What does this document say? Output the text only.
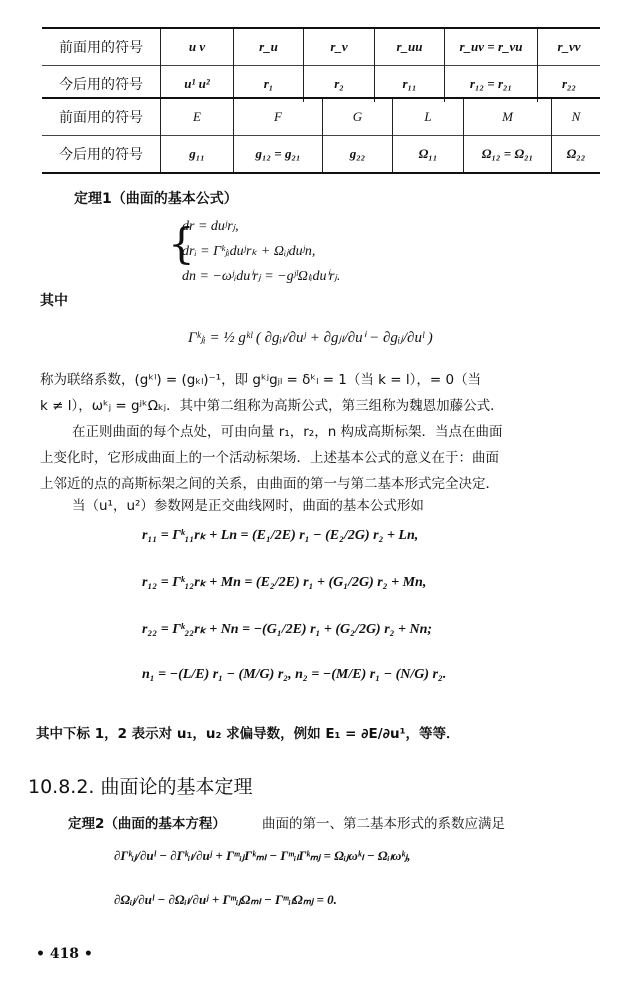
前面用的符号	u v	r_u	r_v	r_uu	r_uv = r_vu	r_vv
今后用的符号	u¹ u²	r₁	r₂	r₁₁	r₁₂ = r₂₁	r₂₂
前面用的符号	E	F	G	L	M	N
今后用的符号	g₁₁	g₁₂ = g₂₁	g₂₂	Ω₁₁	Ω₁₂ = Ω₂₁	Ω₂₂
定理1（曲面的基本公式）
{
dr = duʲrⱼ,
drᵢ = Γᵏⱼᵢduʲrₖ + Ωᵢⱼduʲn,
dn = −ωʲᵢduⁱrⱼ = −gʲˡΩₗᵢduⁱrⱼ.
其中
Γᵏⱼᵢ = ½ gᵏˡ ( ∂gᵢₗ/∂uʲ + ∂gⱼₗ/∂uⁱ − ∂gᵢⱼ/∂uˡ )
称为联络系数，(gᵏˡ) = (gₖₗ)⁻¹，即 gᵏʲgⱼₗ = δᵏₗ = 1（当 k = l），= 0（当
k ≠ l），ωᵏⱼ = gʲᵏΩₖⱼ．其中第二组称为高斯公式，第三组称为魏恩加藤公式．
在正则曲面的每个点处，可由向量 r₁，r₂，n 构成高斯标架．当点在曲面
上变化时，它形成曲面上的一个活动标架场．上述基本公式的意义在于：曲面
上邻近的点的高斯标架之间的关系，由曲面的第一与第二基本形式完全决定．
当（u¹，u²）参数网是正交曲线网时，曲面的基本公式形如
r₁₁ = Γᵏ₁₁rₖ + Ln = (E₁/2E) r₁ − (E₂/2G) r₂ + Ln,
r₁₂ = Γᵏ₁₂rₖ + Mn = (E₂/2E) r₁ + (G₁/2G) r₂ + Mn,
r₂₂ = Γᵏ₂₂rₖ + Nn = −(G₁/2E) r₁ + (G₂/2G) r₂ + Nn;
n₁ = −(L/E) r₁ − (M/G) r₂, n₂ = −(M/E) r₁ − (N/G) r₂.
其中下标 1，2 表示对 u₁，u₂ 求偏导数，例如 E₁ = ∂E/∂u¹，等等．
10.8.2. 曲面论的基本定理
定理2（曲面的基本方程）	曲面的第一、第二基本形式的系数应满足
∂Γᵏᵢⱼ/∂uˡ − ∂Γᵏᵢₗ/∂uʲ + ΓᵐᵢⱼΓᵏₘₗ − ΓᵐᵢₗΓᵏₘⱼ = Ωᵢⱼωᵏₗ − Ωᵢₗωᵏⱼ,
∂Ωᵢⱼ/∂uˡ − ∂Ωᵢₗ/∂uʲ + ΓᵐᵢⱼΩₘₗ − ΓᵐᵢₗΩₘⱼ = 0.
• 418 •
